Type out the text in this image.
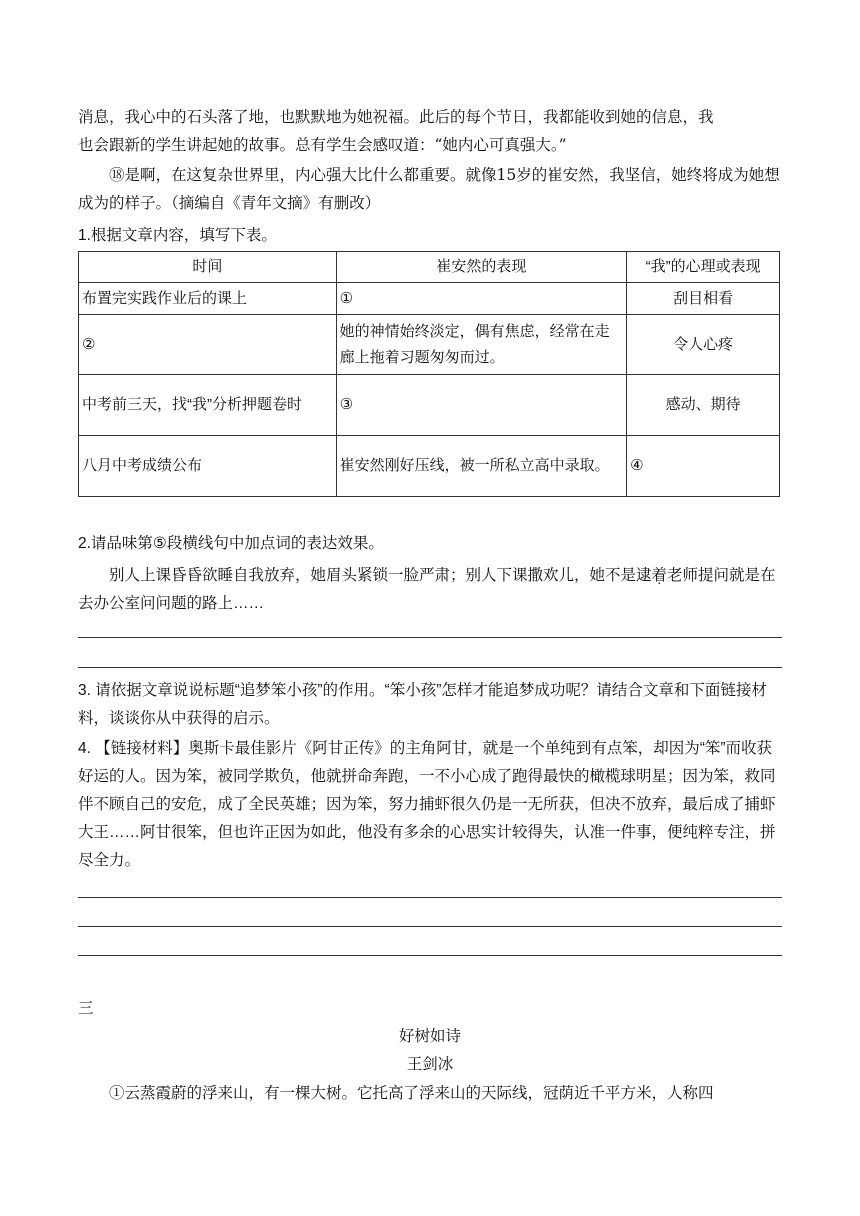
消息，我心中的石头落了地，也默默地为她祝福。此后的每个节日，我都能收到她的信息，我
也会跟新的学生讲起她的故事。总有学生会感叹道：“她内心可真强大。”
⑱是啊，在这复杂世界里，内心强大比什么都重要。就像15岁的崔安然，我坚信，她终将成为她想成为的样子。（摘编自《青年文摘》有删改）
1.根据文章内容，填写下表。
时间	崔安然的表现	“我”的心理或表现
布置完实践作业后的课上	①	刮目相看
②	她的神情始终淡定，偶有焦虑，经常在走廊上拖着习题匆匆而过。	令人心疼
中考前三天，找“我”分析押题卷时	③	感动、期待
八月中考成绩公布	崔安然刚好压线，被一所私立高中录取。	④
2.请品味第⑤段横线句中加点词的表达效果。
别人上课昏昏欲睡自我放弃，她眉头紧锁一脸严肃；别人下课撒欢儿，她不是逮着老师提问就是在去办公室问问题的路上……
3. 请依据文章说说标题“追梦笨小孩”的作用。“笨小孩”怎样才能追梦成功呢？请结合文章和下面链接材料，谈谈你从中获得的启示。
4. 【链接材料】奥斯卡最佳影片《阿甘正传》的主角阿甘，就是一个单纯到有点笨，却因为“笨”而收获好运的人。因为笨，被同学欺负，他就拼命奔跑，一不小心成了跑得最快的橄榄球明星；因为笨，救同伴不顾自己的安危，成了全民英雄；因为笨，努力捕虾很久仍是一无所获，但决不放弃，最后成了捕虾大王……阿甘很笨，但也许正因为如此，他没有多余的心思实计较得失，认准一件事，便纯粹专注，拼尽全力。
三
好树如诗
王剑冰
①云蒸霞蔚的浮来山，有一棵大树。它托高了浮来山的天际线，冠荫近千平方米，人称四
